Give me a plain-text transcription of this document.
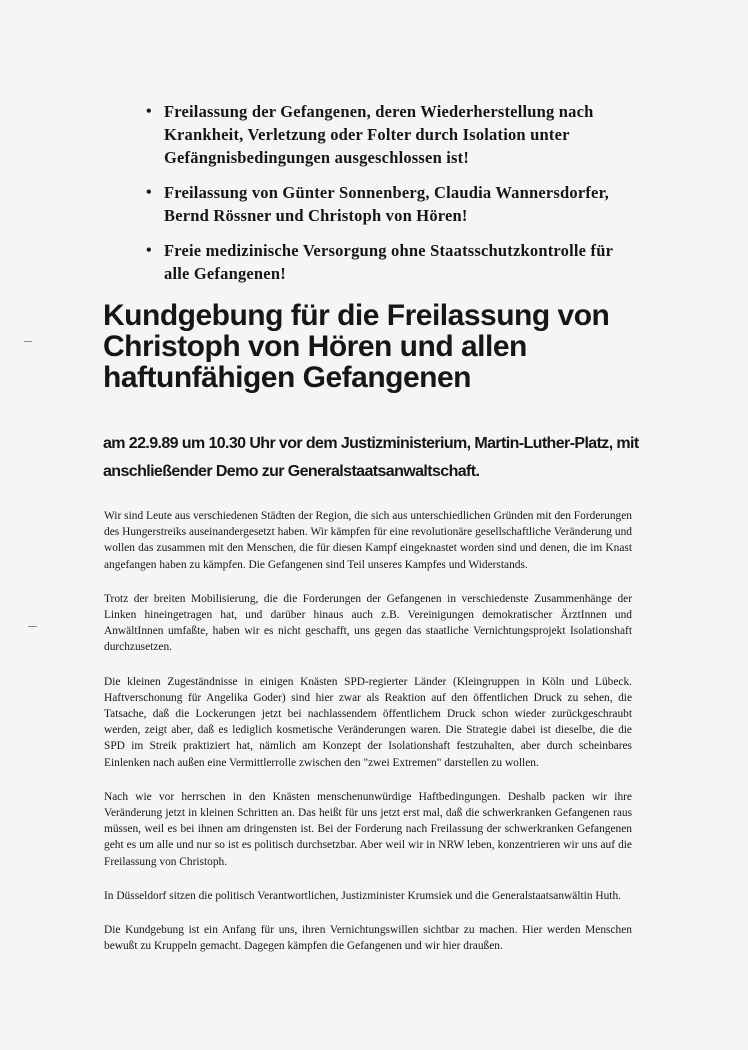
• Freilassung der Gefangenen, deren Wiederherstellung nach Krankheit, Verletzung oder Folter durch Isolation unter Gefängnisbedingungen ausgeschlossen ist!
• Freilassung von Günter Sonnenberg, Claudia Wannersdorfer, Bernd Rössner und Christoph von Hören!
• Freie medizinische Versorgung ohne Staatsschutzkontrolle für alle Gefangenen!
Kundgebung für die Freilassung von Christoph von Hören und allen haftunfähigen Gefangenen
am 22.9.89 um 10.30 Uhr vor dem Justizministerium, Martin-Luther-Platz, mit anschließender Demo zur Generalstaatsanwaltschaft.

Wir sind Leute aus verschiedenen Städten der Region, die sich aus unterschiedlichen Gründen mit den Forderungen des Hungerstreiks auseinandergesetzt haben. Wir kämpfen für eine revolutionäre gesellschaftliche Veränderung und wollen das zusammen mit den Menschen, die für diesen Kampf eingeknastet worden sind und denen, die im Knast angefangen haben zu kämpfen. Die Gefangenen sind Teil unseres Kampfes und Widerstands.

Trotz der breiten Mobilisierung, die die Forderungen der Gefangenen in verschiedenste Zusammenhänge der Linken hineingetragen hat, und darüber hinaus auch z.B. Vereinigungen demokratischer ÄrztInnen und AnwältInnen umfaßte, haben wir es nicht geschafft, uns gegen das staatliche Vernichtungsprojekt Isolationshaft durchzusetzen.

Die kleinen Zugeständnisse in einigen Knästen SPD-regierter Länder (Kleingruppen in Köln und Lübeck. Haftverschonung für Angelika Goder) sind hier zwar als Reaktion auf den öffentlichen Druck zu sehen, die Tatsache, daß die Lockerungen jetzt bei nachlassendem öffentlichem Druck schon wieder zurückgeschraubt werden, zeigt aber, daß es lediglich kosmetische Veränderungen waren. Die Strategie dabei ist dieselbe, die die SPD im Streik praktiziert hat, nämlich am Konzept der Isolationshaft festzuhalten, aber durch scheinbares Einlenken nach außen eine Vermittlerrolle zwischen den "zwei Extremen" darstellen zu wollen.

Nach wie vor herrschen in den Knästen menschenunwürdige Haftbedingungen. Deshalb packen wir ihre Veränderung jetzt in kleinen Schritten an. Das heißt für uns jetzt erst mal, daß die schwerkranken Gefangenen raus müssen, weil es bei ihnen am dringensten ist. Bei der Forderung nach Freilassung der schwerkranken Gefangenen geht es um alle und nur so ist es politisch durchsetzbar. Aber weil wir in NRW leben, konzentrieren wir uns auf die Freilassung von Christoph.

In Düsseldorf sitzen die politisch Verantwortlichen, Justizminister Krumsiek und die Generalstaatsanwältin Huth.

Die Kundgebung ist ein Anfang für uns, ihren Vernichtungswillen sichtbar zu machen. Hier werden Menschen bewußt zu Kruppeln gemacht. Dagegen kämpfen die Gefangenen und wir hier draußen.
